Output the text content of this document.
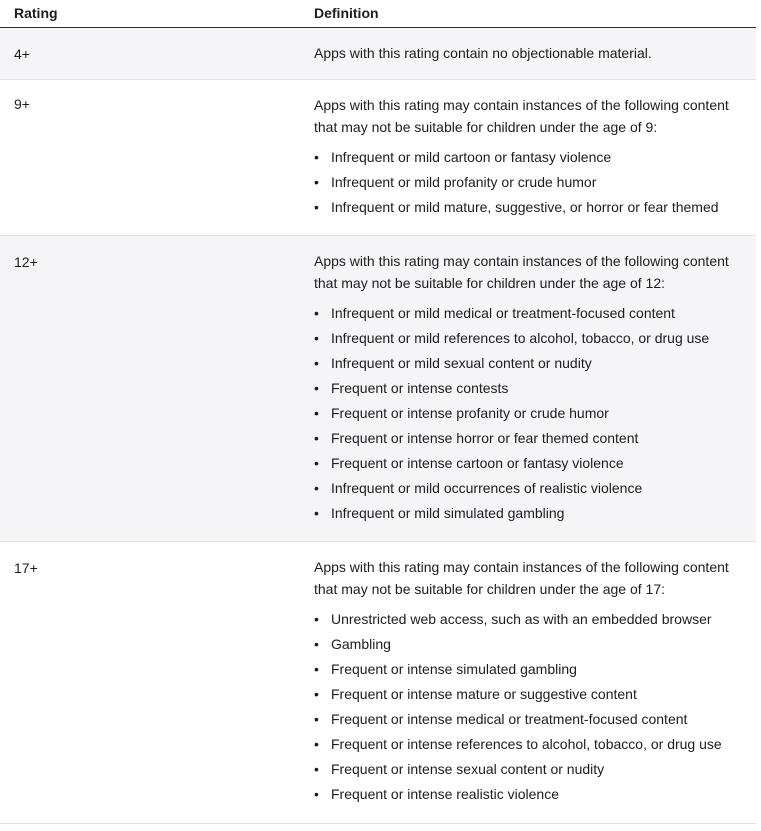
Rating	Definition
4+	Apps with this rating contain no objectionable material.
9+	Apps with this rating may contain instances of the following content that may not be suitable for children under the age of 9:
• Infrequent or mild cartoon or fantasy violence
• Infrequent or mild profanity or crude humor
• Infrequent or mild mature, suggestive, or horror or fear themed
12+	Apps with this rating may contain instances of the following content that may not be suitable for children under the age of 12:
• Infrequent or mild medical or treatment-focused content
• Infrequent or mild references to alcohol, tobacco, or drug use
• Infrequent or mild sexual content or nudity
• Frequent or intense contests
• Frequent or intense profanity or crude humor
• Frequent or intense horror or fear themed content
• Frequent or intense cartoon or fantasy violence
• Infrequent or mild occurrences of realistic violence
• Infrequent or mild simulated gambling
17+	Apps with this rating may contain instances of the following content that may not be suitable for children under the age of 17:
• Unrestricted web access, such as with an embedded browser
• Gambling
• Frequent or intense simulated gambling
• Frequent or intense mature or suggestive content
• Frequent or intense medical or treatment-focused content
• Frequent or intense references to alcohol, tobacco, or drug use
• Frequent or intense sexual content or nudity
• Frequent or intense realistic violence
